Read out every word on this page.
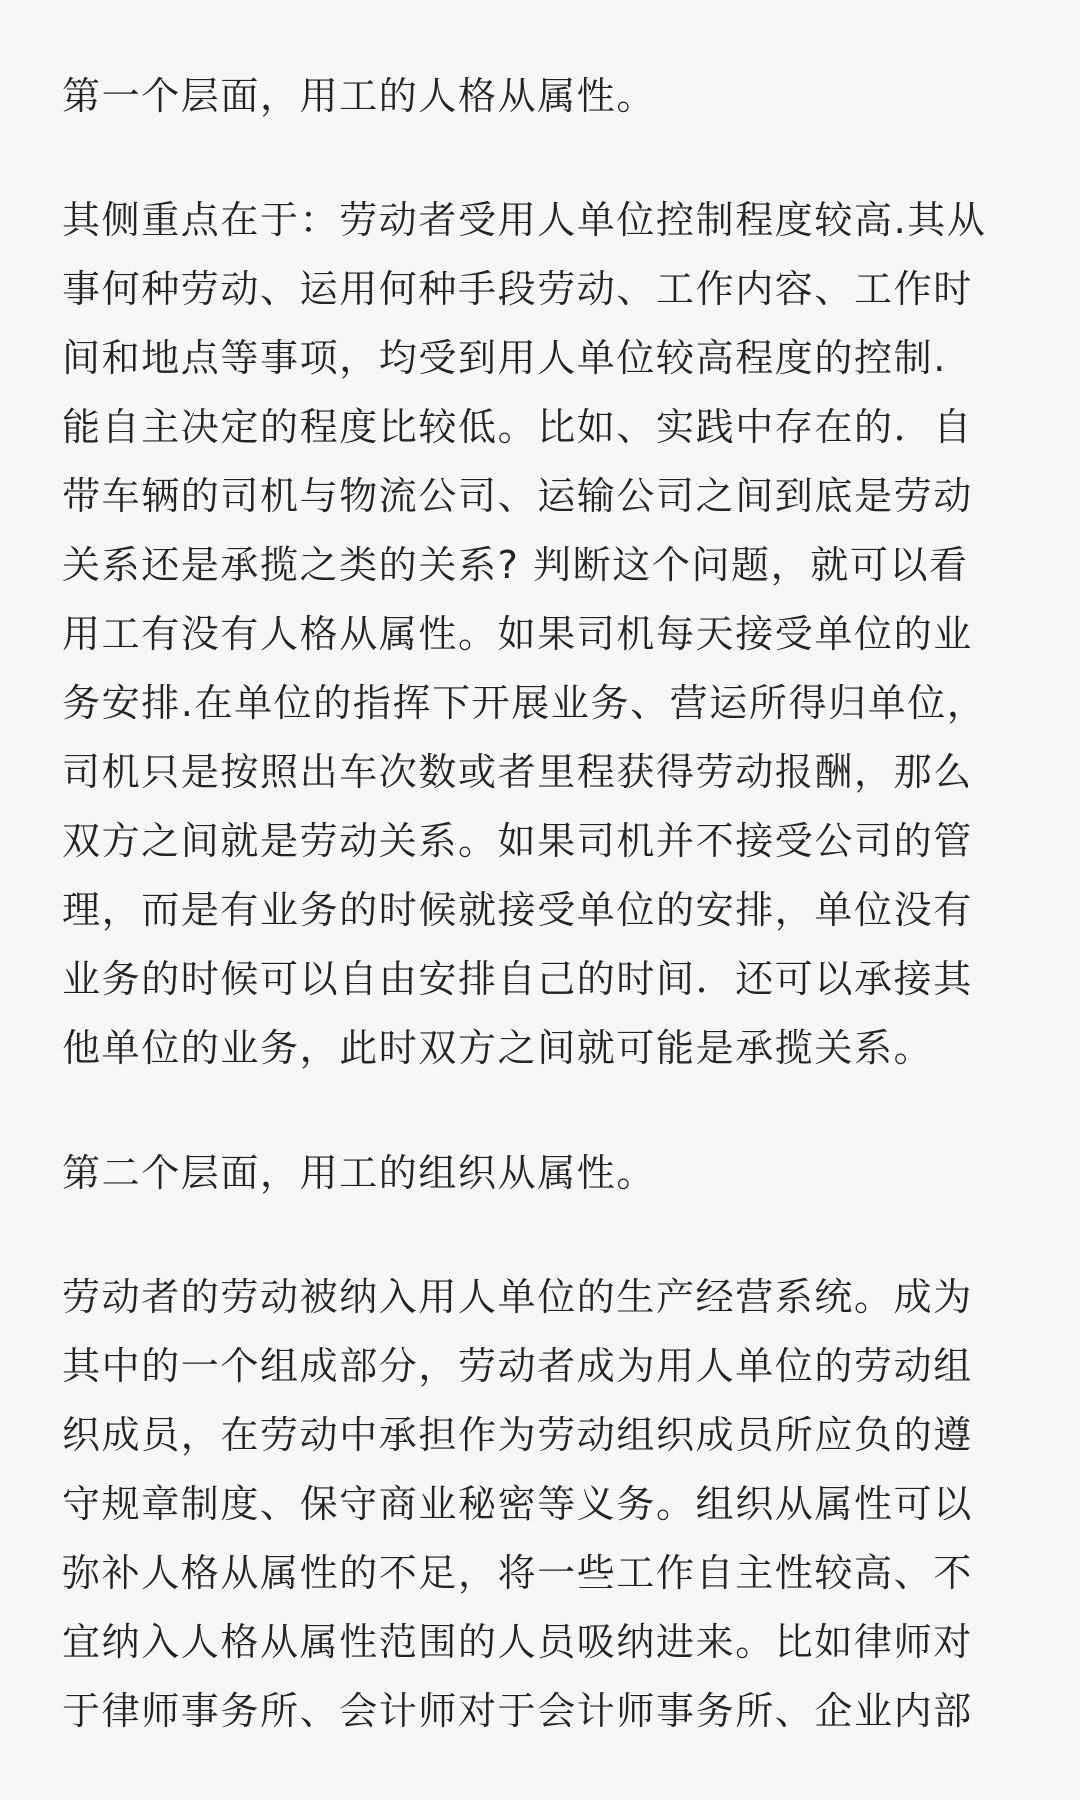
第一个层面，用工的人格从属性。

其侧重点在于：劳动者受用人单位控制程度较高.其从
事何种劳动、运用何种手段劳动、工作内容、工作时
间和地点等事项，均受到用人单位较高程度的控制.
能自主决定的程度比较低。比如、实践中存在的．自
带车辆的司机与物流公司、运输公司之间到底是劳动
关系还是承揽之类的关系? 判断这个问题，就可以看
用工有没有人格从属性。如果司机每天接受单位的业
务安排.在单位的指挥下开展业务、营运所得归单位，
司机只是按照出车次数或者里程获得劳动报酬，那么
双方之间就是劳动关系。如果司机并不接受公司的管
理，而是有业务的时候就接受单位的安排，单位没有
业务的时候可以自由安排自己的时间．还可以承接其
他单位的业务，此时双方之间就可能是承揽关系。

第二个层面，用工的组织从属性。

劳动者的劳动被纳入用人单位的生产经营系统。成为
其中的一个组成部分，劳动者成为用人单位的劳动组
织成员，在劳动中承担作为劳动组织成员所应负的遵
守规章制度、保守商业秘密等义务。组织从属性可以
弥补人格从属性的不足，将一些工作自主性较高、不
宜纳入人格从属性范围的人员吸纳进来。比如律师对
于律师事务所、会计师对于会计师事务所、企业内部
